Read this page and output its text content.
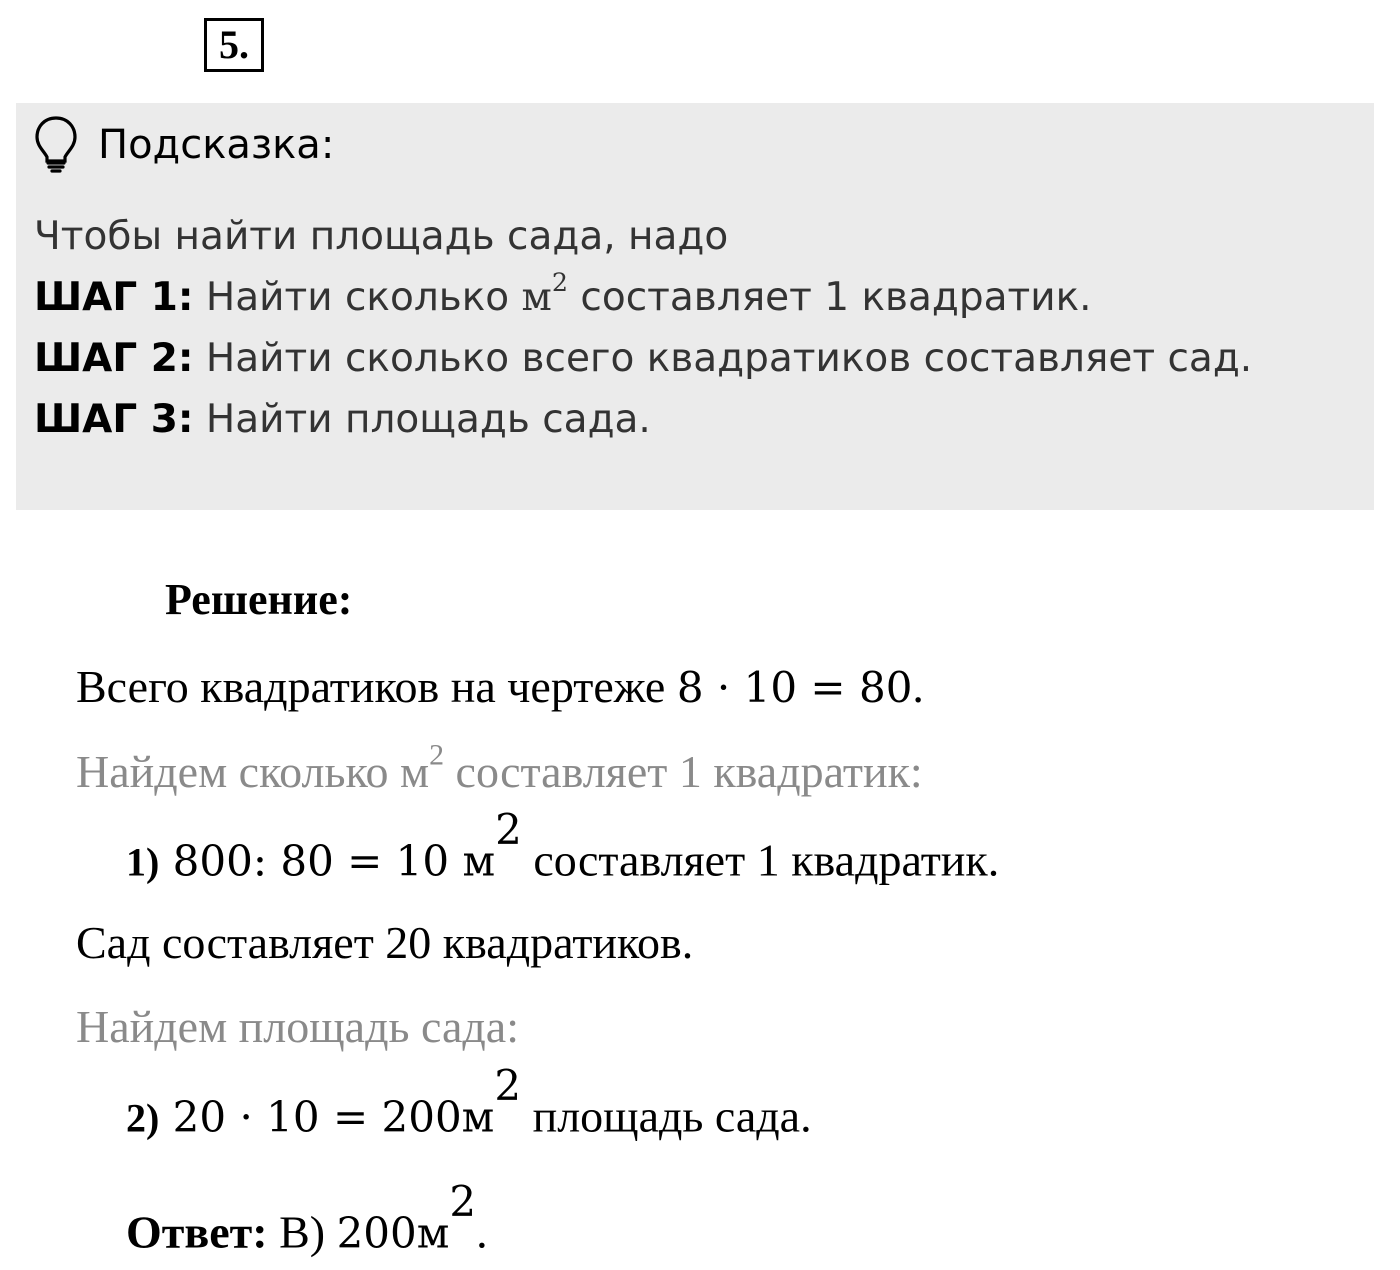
5.
Подсказка:
Чтобы найти площадь сада, надо
ШАГ 1: Найти сколько $м^2$ составляет 1 квадратик.
ШАГ 2: Найти сколько всего квадратиков составляет сад.
ШАГ 3: Найти площадь сада.
Решение:
Всего квадратиков на чертеже 8 · 10 = 80.
Найдем сколько $м^2$ составляет 1 квадратик:
1) 800: 80 = 10 $м^2$ составляет 1 квадратик.
Сад составляет 20 квадратиков.
Найдем площадь сада:
2) $20 \cdot 10 = 200м^2$ площадь сада.
Ответ: В) $200м^2$.
